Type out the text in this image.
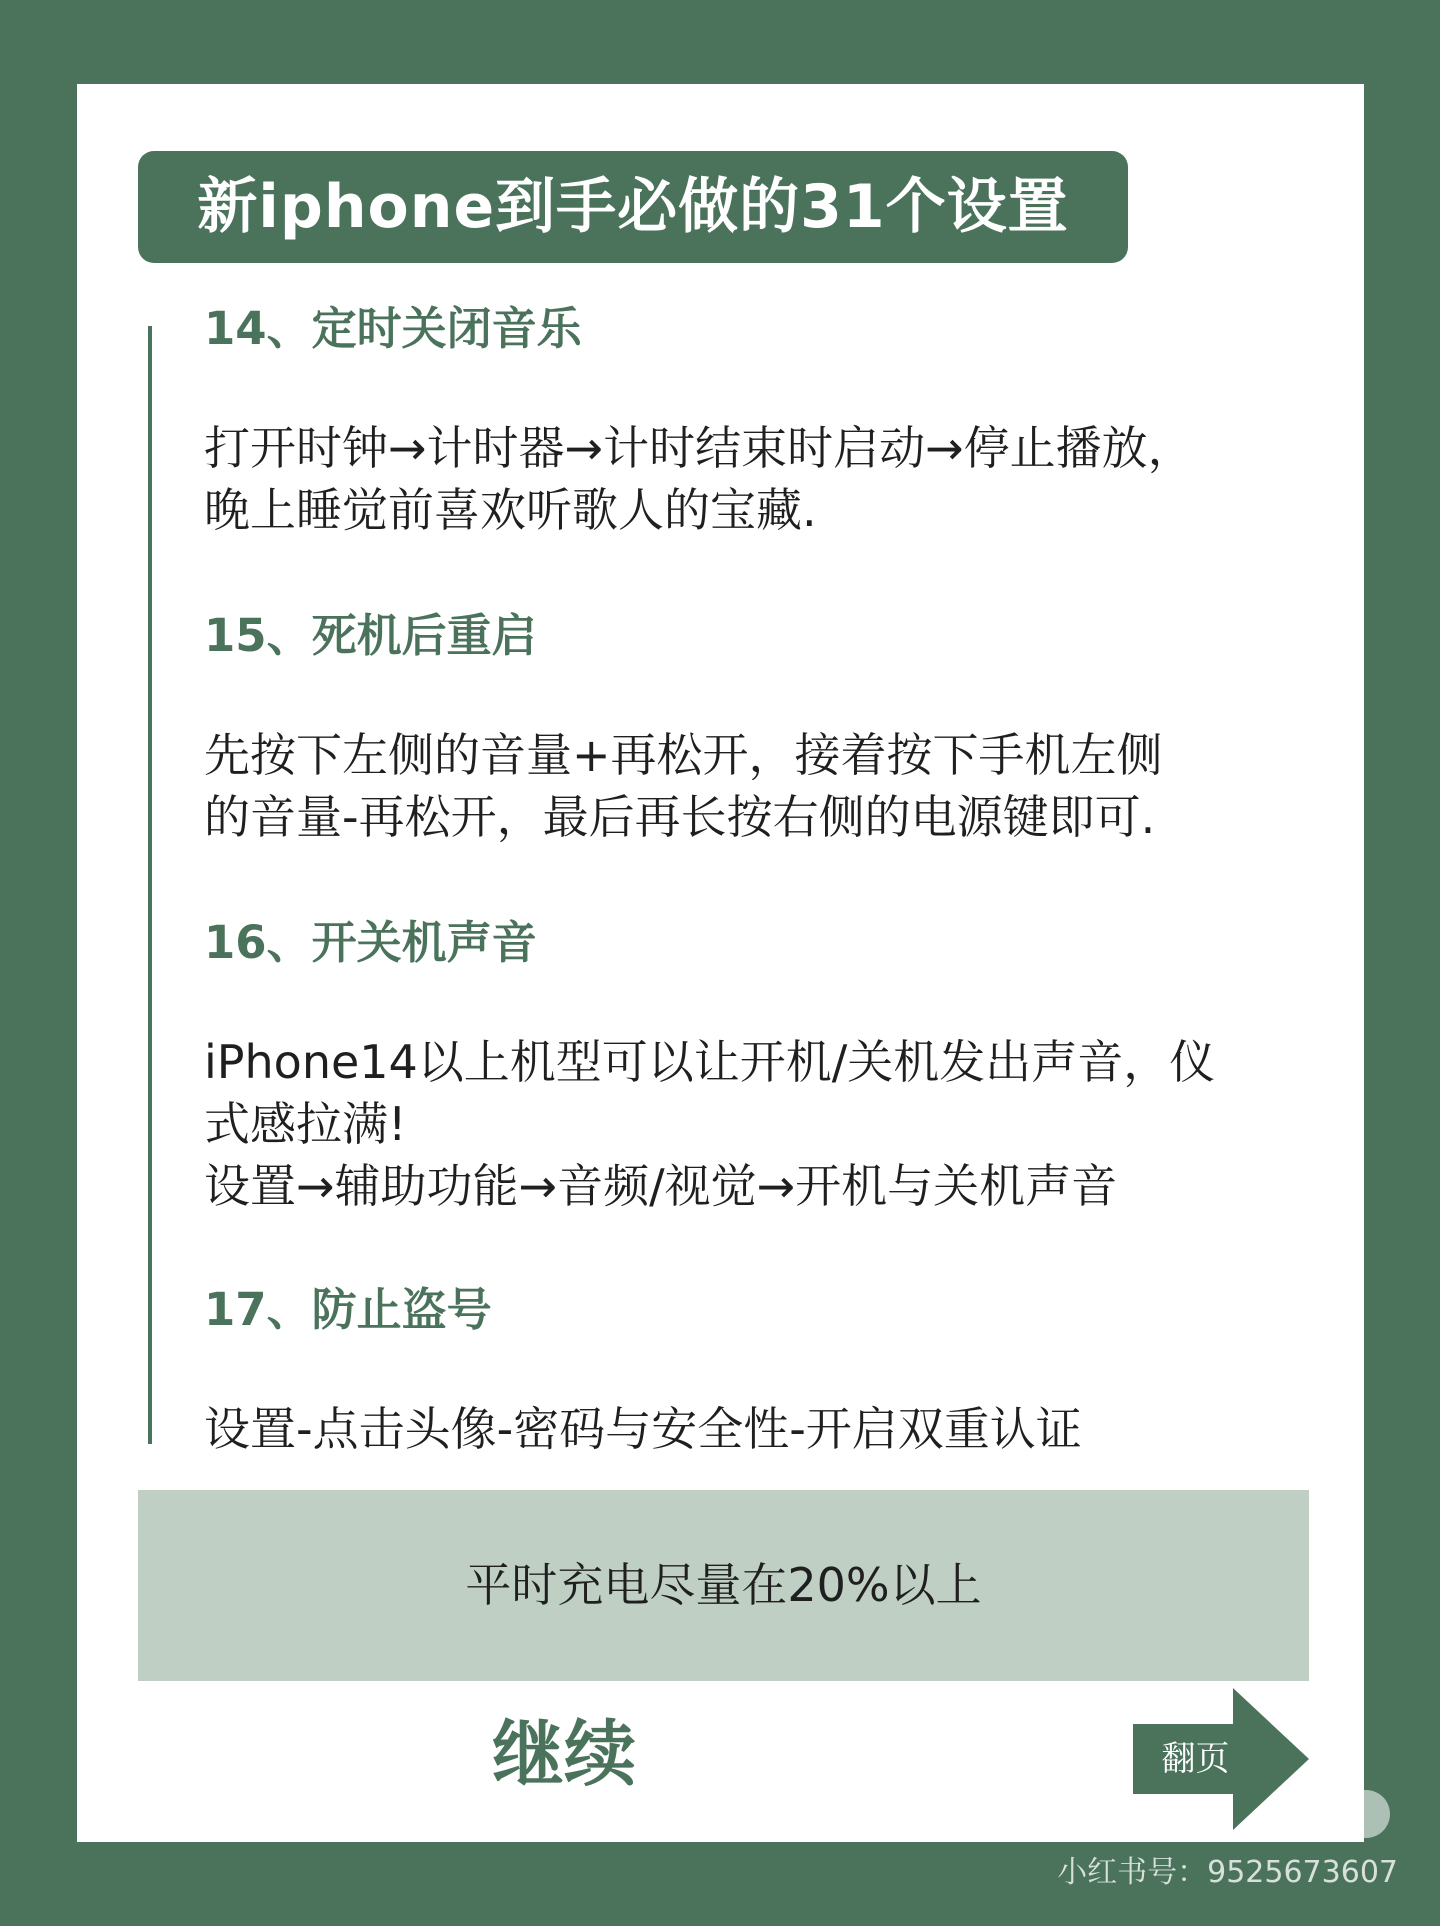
新iphone到手必做的31个设置

14、定时关闭音乐

打开时钟→计时器→计时结束时启动→停止播放，
晚上睡觉前喜欢听歌人的宝藏.

15、死机后重启

先按下左侧的音量+再松开，接着按下手机左侧
的音量-再松开，最后再长按右侧的电源键即可.

16、开关机声音

iPhone14以上机型可以让开机/关机发出声音，仪
式感拉满!
设置→辅助功能→音频/视觉→开机与关机声音

17、防止盗号

设置-点击头像-密码与安全性-开启双重认证

平时充电尽量在20%以上
继续	翻页
小红书号：9525673607
